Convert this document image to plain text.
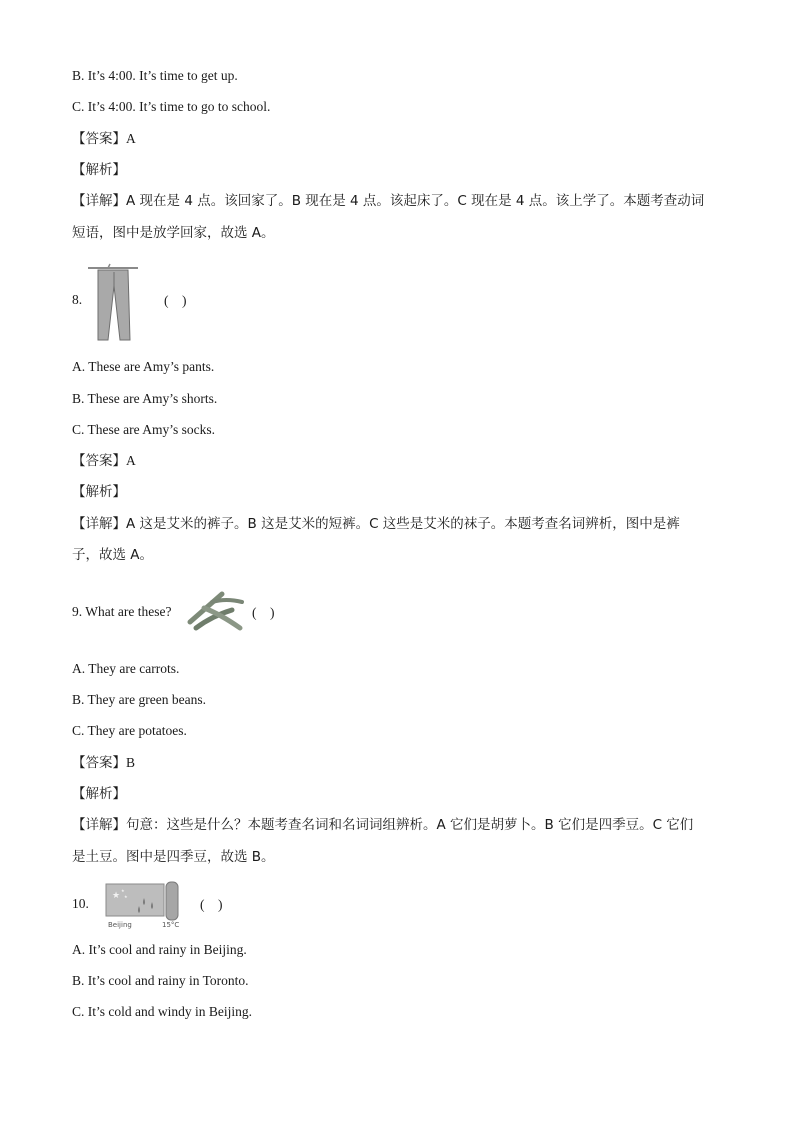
B. It’s 4:00. It’s time to get up.
C. It’s 4:00. It’s time to go to school.
【答案】A
【解析】
【详解】A 现在是 4 点。该回家了。B 现在是 4 点。该起床了。C 现在是 4 点。该上学了。本题考查动词
短语，图中是放学回家，故选 A。
8.	(　)
A. These are Amy’s pants.
B. These are Amy’s shorts.
C. These are Amy’s socks.
【答案】A
【解析】
【详解】A 这是艾米的裤子。B 这是艾米的短裤。C 这些是艾米的袜子。本题考查名词辨析，图中是裤
子，故选 A。
9. What are these?	(　)
A. They are carrots.
B. They are green beans.
C. They are potatoes.
【答案】B
【解析】
【详解】句意：这些是什么？本题考查名词和名词词组辨析。A 它们是胡萝卜。B 它们是四季豆。C 它们
是土豆。图中是四季豆，故选 B。
10.	★
★
★
Beijing	15°C
(　)
A. It’s cool and rainy in Beijing.
B. It’s cool and rainy in Toronto.
C. It’s cold and windy in Beijing.
